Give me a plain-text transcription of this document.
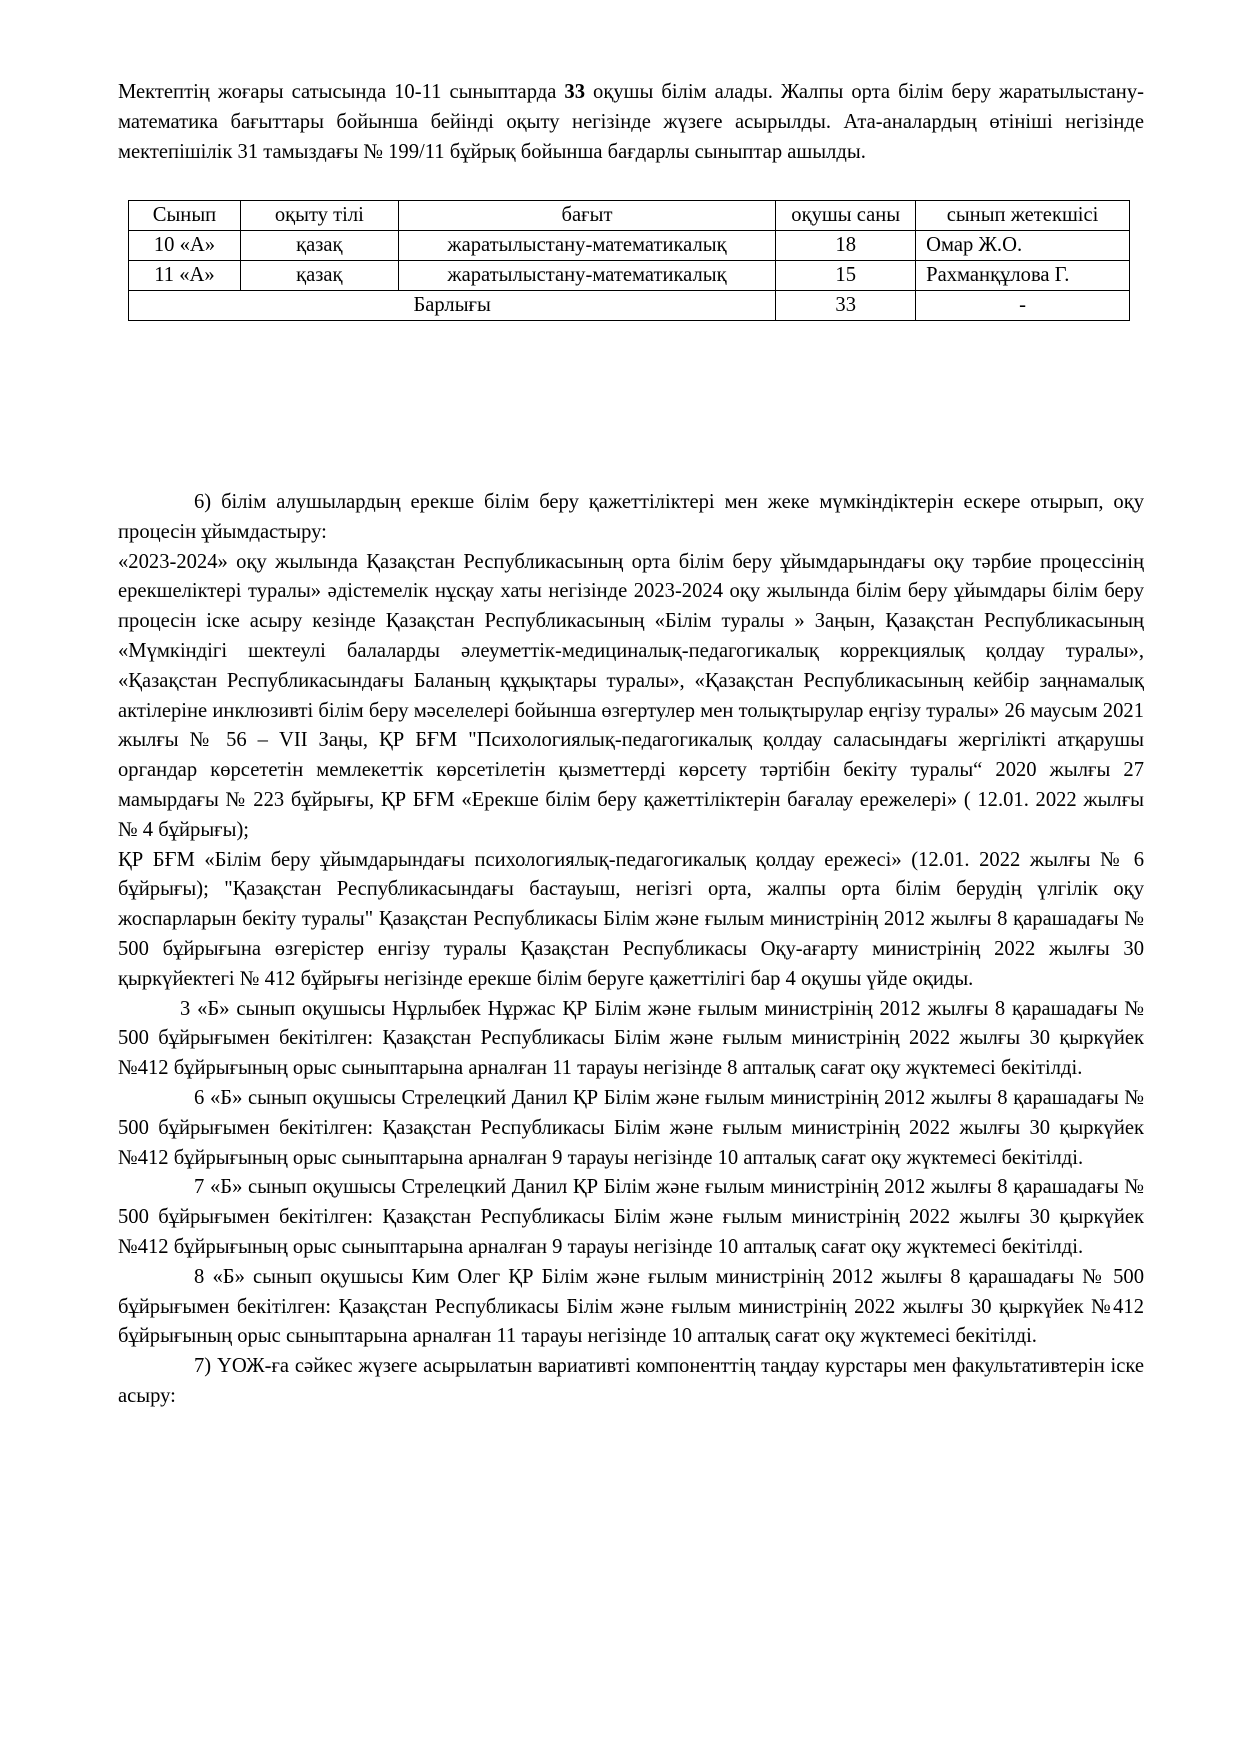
Мектептің жоғары сатысында 10-11 сыныптарда 33 оқушы білім алады. Жалпы орта білім беру жаратылыстану-математика бағыттары бойынша бейінді оқыту негізінде жүзеге асырылды. Ата-аналардың өтініші негізінде мектепішілік 31 тамыздағы № 199/11 бұйрық бойынша бағдарлы сыныптар ашылды.

Сынып	оқыту тілі	бағыт	оқушы саны	сынып жетекшісі
10 «А»	қазақ	жаратылыстану-математикалық	18	Омар Ж.О.
11 «А»	қазақ	жаратылыстану-математикалық	15	Рахманқұлова Г.
Барлығы			33	-

6) білім алушылардың ерекше білім беру қажеттіліктері мен жеке мүмкіндіктерін ескере отырып, оқу процесін ұйымдастыру:

«2023-2024» оқу жылында Қазақстан Республикасының орта білім беру ұйымдарындағы оқу тәрбие процессінің ерекшеліктері туралы» әдістемелік нұсқау хаты негізінде 2023-2024 оқу жылында білім беру ұйымдары білім беру процесін іске асыру кезінде Қазақстан Республикасының «Білім туралы » Заңын, Қазақстан Республикасының «Мүмкіндігі шектеулі балаларды әлеуметтік-медициналық-педагогикалық коррекциялық қолдау туралы», «Қазақстан Республикасындағы Баланың құқықтары туралы», «Қазақстан Республикасының кейбір заңнамалық актілеріне инклюзивті білім беру мәселелері бойынша өзгертулер мен толықтырулар еңгізу туралы» 26 маусым 2021 жылғы № 56 – VII Заңы, ҚР БҒМ "Психологиялық-педагогикалық қолдау саласындағы жергілікті атқарушы органдар көрсететін мемлекеттік көрсетілетін қызметтерді көрсету тәртібін бекіту туралы“ 2020 жылғы 27 мамырдағы № 223 бұйрығы, ҚР БҒМ «Ерекше білім беру қажеттіліктерін бағалау ережелері» ( 12.01. 2022 жылғы № 4 бұйрығы);

ҚР БҒМ «Білім беру ұйымдарындағы психологиялық-педагогикалық қолдау ережесі» (12.01. 2022 жылғы № 6 бұйрығы); "Қазақстан Республикасындағы бастауыш, негізгі орта, жалпы орта білім берудің үлгілік оқу жоспарларын бекіту туралы" Қазақстан Республикасы Білім және ғылым министрінің 2012 жылғы 8 қарашадағы № 500 бұйрығына өзгерістер енгізу туралы Қазақстан Республикасы Оқу-ағарту министрінің 2022 жылғы 30 қыркүйектегі № 412 бұйрығы негізінде ерекше білім беруге қажеттілігі бар 4 оқушы үйде оқиды.

3 «Б» сынып оқушысы Нұрлыбек Нұржас ҚР Білім және ғылым министрінің 2012 жылғы 8 қарашадағы № 500 бұйрығымен бекітілген: Қазақстан Республикасы Білім және ғылым министрінің 2022 жылғы 30 қыркүйек №412 бұйрығының орыс сыныптарына арналған 11 тарауы негізінде 8 апталық сағат оқу жүктемесі бекітілді.

6 «Б» сынып оқушысы Стрелецкий Данил ҚР Білім және ғылым министрінің 2012 жылғы 8 қарашадағы № 500 бұйрығымен бекітілген: Қазақстан Республикасы Білім және ғылым министрінің 2022 жылғы 30 қыркүйек №412 бұйрығының орыс сыныптарына арналған 9 тарауы негізінде 10 апталық сағат оқу жүктемесі бекітілді.

7 «Б» сынып оқушысы Стрелецкий Данил ҚР Білім және ғылым министрінің 2012 жылғы 8 қарашадағы № 500 бұйрығымен бекітілген: Қазақстан Республикасы Білім және ғылым министрінің 2022 жылғы 30 қыркүйек №412 бұйрығының орыс сыныптарына арналған 9 тарауы негізінде 10 апталық сағат оқу жүктемесі бекітілді.

8 «Б» сынып оқушысы Ким Олег ҚР Білім және ғылым министрінің 2012 жылғы 8 қарашадағы № 500 бұйрығымен бекітілген: Қазақстан Республикасы Білім және ғылым министрінің 2022 жылғы 30 қыркүйек №412 бұйрығының орыс сыныптарына арналған 11 тарауы негізінде 10 апталық сағат оқу жүктемесі бекітілді.

7) ҮОЖ-ға сәйкес жүзеге асырылатын вариативті компоненттің таңдау курстары мен факультативтерін іске асыру:
